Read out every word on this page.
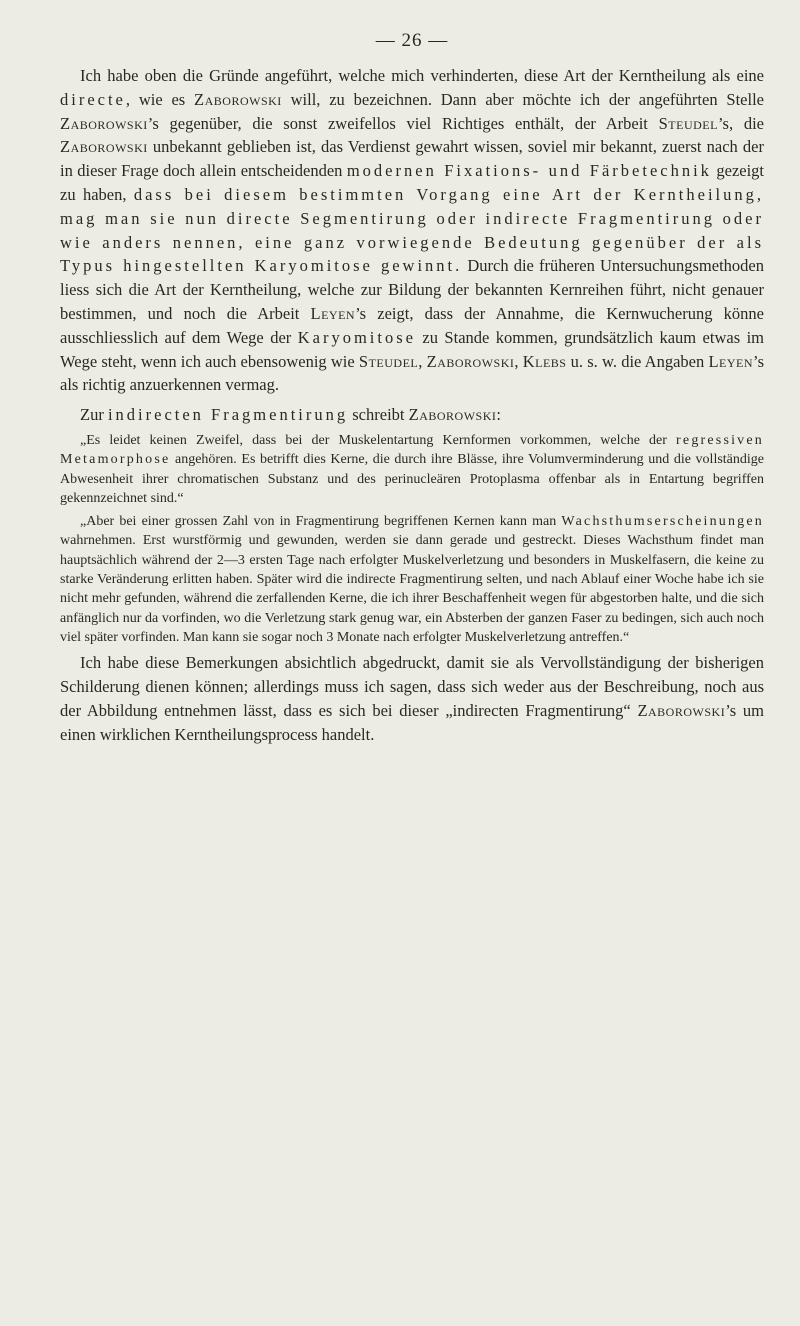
— 26 —

Ich habe oben die Gründe angeführt, welche mich verhinderten, diese Art der Kerntheilung als eine directe, wie es Zaborowski will, zu bezeichnen. Dann aber möchte ich der angeführten Stelle Zaborowski’s gegenüber, die sonst zweifellos viel Richtiges enthält, der Arbeit Steudel’s, die Zaborowski unbekannt geblieben ist, das Verdienst gewahrt wissen, soviel mir bekannt, zuerst nach der in dieser Frage doch allein entscheidenden modernen Fixations- und Färbetechnik gezeigt zu haben, dass bei diesem bestimmten Vorgang eine Art der Kerntheilung, mag man sie nun directe Segmentirung oder indirecte Fragmentirung oder wie anders nennen, eine ganz vorwiegende Bedeutung gegenüber der als Typus hingestellten Karyomitose gewinnt. Durch die früheren Untersuchungsmethoden liess sich die Art der Kerntheilung, welche zur Bildung der bekannten Kernreihen führt, nicht genauer bestimmen, und noch die Arbeit Leyen’s zeigt, dass der Annahme, die Kernwucherung könne ausschliesslich auf dem Wege der Karyomitose zu Stande kommen, grundsätzlich kaum etwas im Wege steht, wenn ich auch ebensowenig wie Steudel, Zaborowski, Klebs u. s. w. die Angaben Leyen’s als richtig anzuerkennen vermag.

Zur indirecten Fragmentirung schreibt Zaborowski:

„Es leidet keinen Zweifel, dass bei der Muskelentartung Kernformen vorkommen, welche der regressiven Metamorphose angehören. Es betrifft dies Kerne, die durch ihre Blässe, ihre Volumverminderung und die vollständige Abwesenheit ihrer chromatischen Substanz und des perinucleären Protoplasma offenbar als in Entartung begriffen gekennzeichnet sind.“

„Aber bei einer grossen Zahl von in Fragmentirung begriffenen Kernen kann man Wachsthumserscheinungen wahrnehmen. Erst wurstförmig und gewunden, werden sie dann gerade und gestreckt. Dieses Wachsthum findet man hauptsächlich während der 2—3 ersten Tage nach erfolgter Muskelverletzung und besonders in Muskelfasern, die keine zu starke Veränderung erlitten haben. Später wird die indirecte Fragmentirung selten, und nach Ablauf einer Woche habe ich sie nicht mehr gefunden, während die zerfallenden Kerne, die ich ihrer Beschaffenheit wegen für abgestorben halte, und die sich anfänglich nur da vorfinden, wo die Verletzung stark genug war, ein Absterben der ganzen Faser zu bedingen, sich auch noch viel später vorfinden. Man kann sie sogar noch 3 Monate nach erfolgter Muskelverletzung antreffen.“

Ich habe diese Bemerkungen absichtlich abgedruckt, damit sie als Vervollständigung der bisherigen Schilderung dienen können; allerdings muss ich sagen, dass sich weder aus der Beschreibung, noch aus der Abbildung entnehmen lässt, dass es sich bei dieser „indirecten Fragmentirung“ Zaborowski’s um einen wirklichen Kerntheilungsprocess handelt.
